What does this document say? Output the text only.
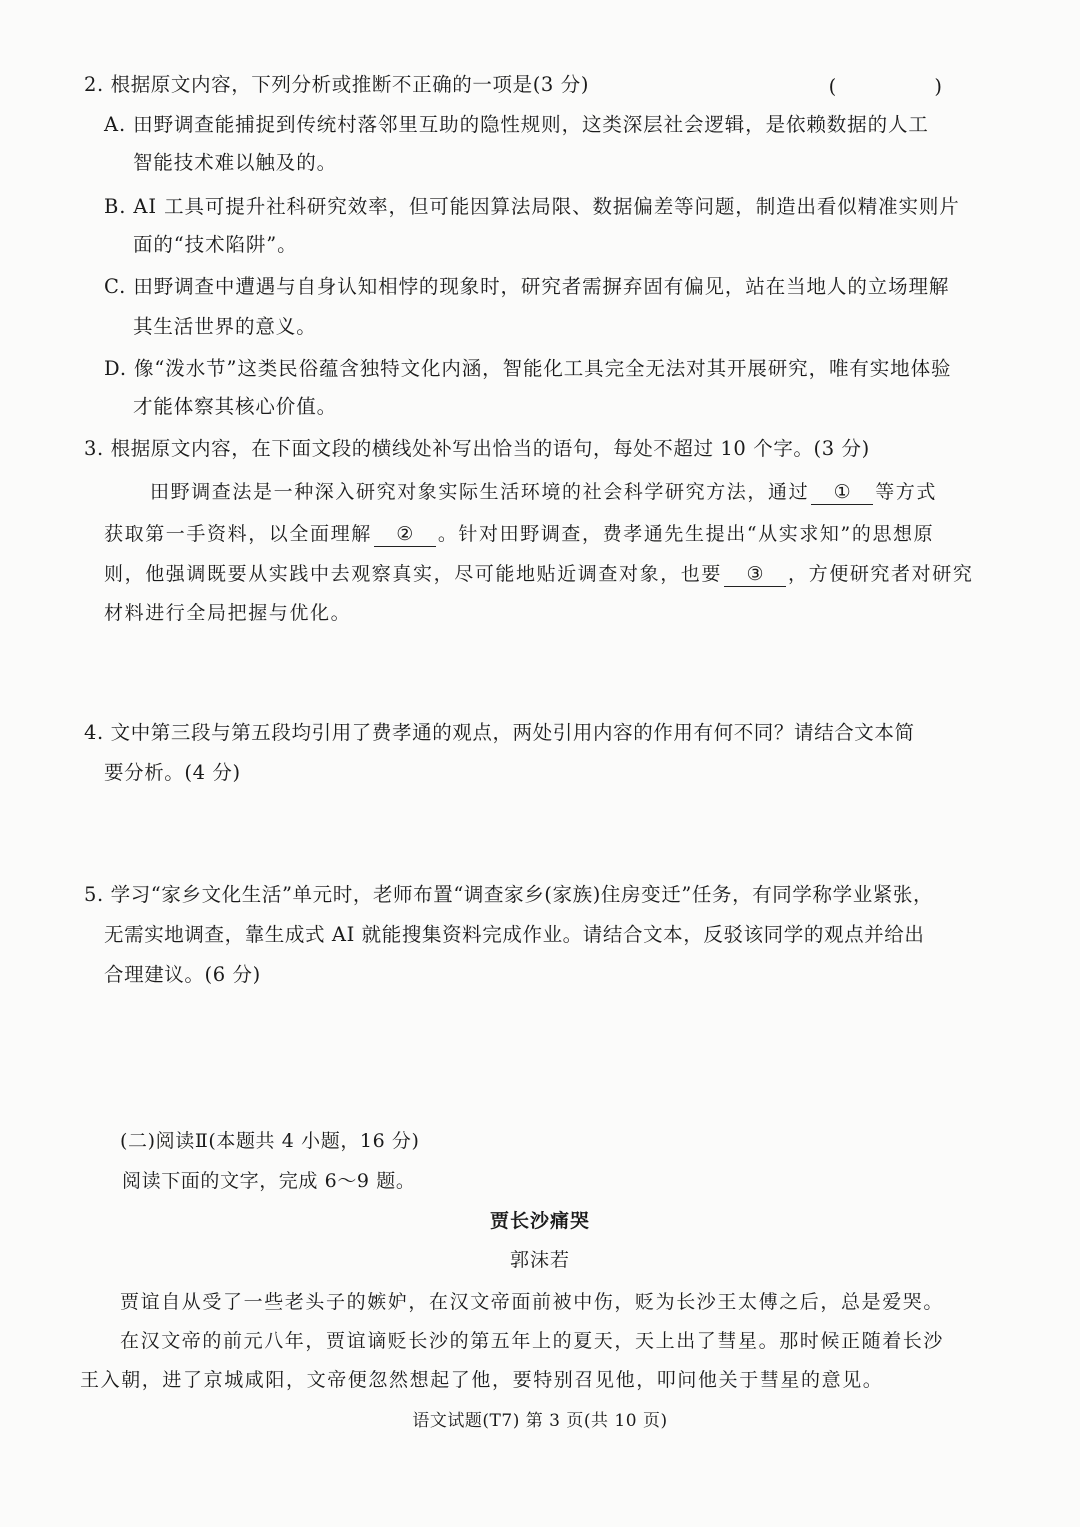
2. 根据原文内容，下列分析或推断不正确的一项是(3 分)	( )
A. 田野调查能捕捉到传统村落邻里互助的隐性规则，这类深层社会逻辑，是依赖数据的人工
智能技术难以触及的。
B. AI 工具可提升社科研究效率，但可能因算法局限、数据偏差等问题，制造出看似精准实则片
面的“技术陷阱”。
C. 田野调查中遭遇与自身认知相悖的现象时，研究者需摒弃固有偏见，站在当地人的立场理解
其生活世界的意义。
D. 像“泼水节”这类民俗蕴含独特文化内涵，智能化工具完全无法对其开展研究，唯有实地体验
才能体察其核心价值。
3. 根据原文内容，在下面文段的横线处补写出恰当的语句，每处不超过 10 个字。(3 分)
田野调查法是一种深入研究对象实际生活环境的社会科学研究方法，通过 ① 等方式
获取第一手资料，以全面理解 ② 。针对田野调查，费孝通先生提出“从实求知”的思想原
则，他强调既要从实践中去观察真实，尽可能地贴近调查对象，也要 ③ ，方便研究者对研究
材料进行全局把握与优化。
4. 文中第三段与第五段均引用了费孝通的观点，两处引用内容的作用有何不同？请结合文本简
要分析。(4 分)
5. 学习“家乡文化生活”单元时，老师布置“调查家乡(家族)住房变迁”任务，有同学称学业紧张，
无需实地调查，靠生成式 AI 就能搜集资料完成作业。请结合文本，反驳该同学的观点并给出
合理建议。(6 分)
(二)阅读Ⅱ(本题共 4 小题，16 分)
阅读下面的文字，完成 6～9 题。
贾长沙痛哭
郭沫若
贾谊自从受了一些老头子的嫉妒，在汉文帝面前被中伤，贬为长沙王太傅之后，总是爱哭。
在汉文帝的前元八年，贾谊谪贬长沙的第五年上的夏天，天上出了彗星。那时候正随着长沙
王入朝，进了京城咸阳，文帝便忽然想起了他，要特别召见他，叩问他关于彗星的意见。
语文试题(T7) 第 3 页(共 10 页)
